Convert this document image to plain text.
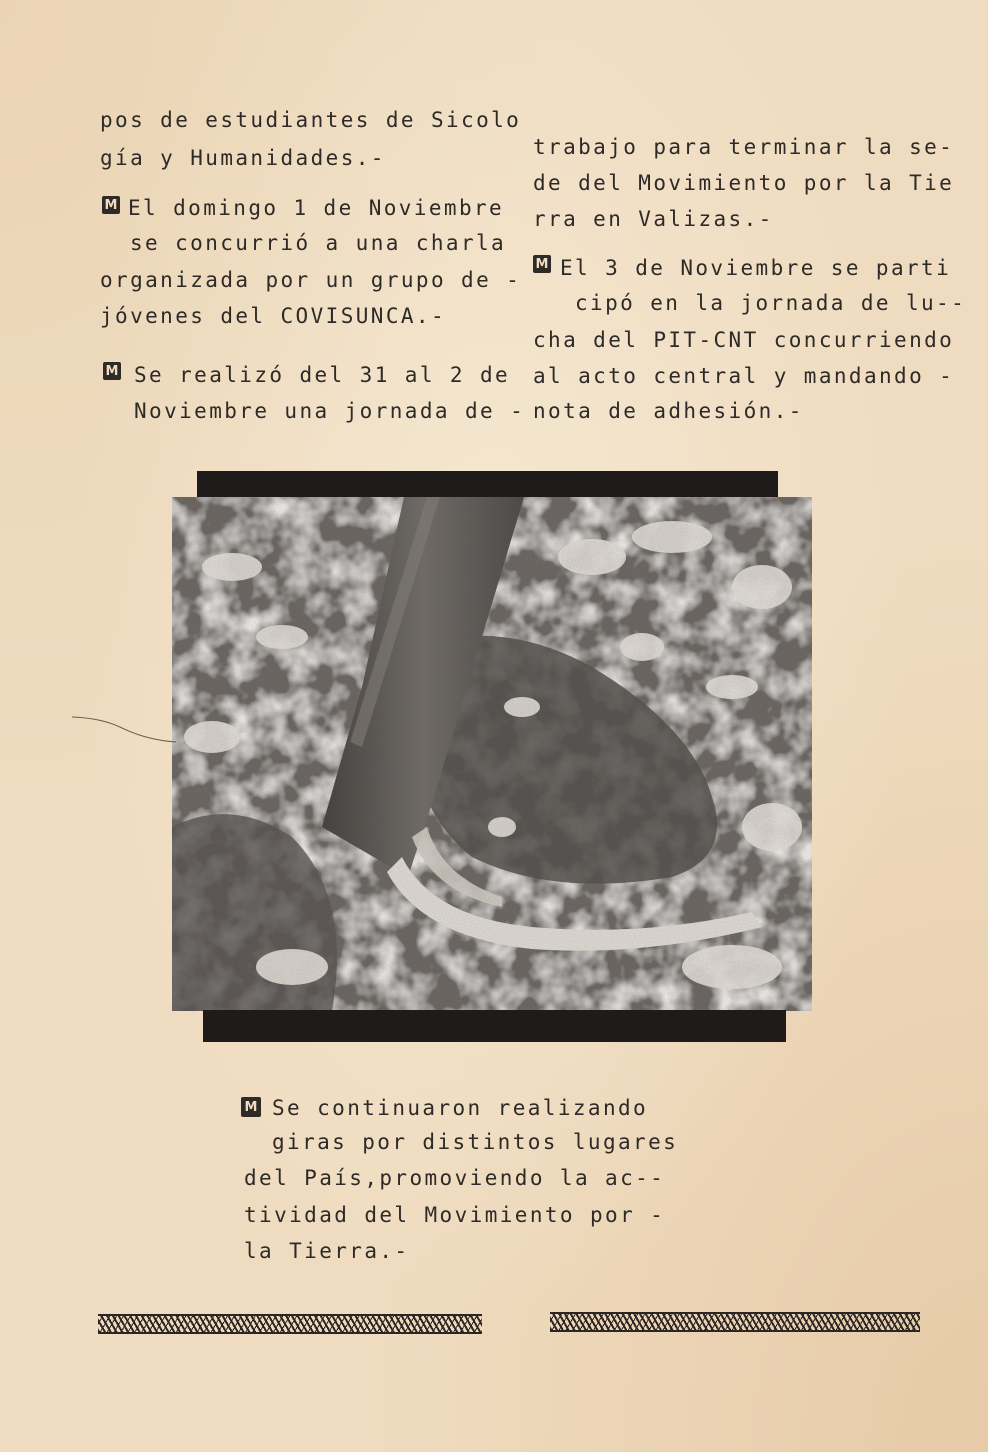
pos de estudiantes de Sicolo
gía y Humanidades.-
M El domingo 1 de Noviembre
se concurrió a una charla
organizada por un grupo de -
jóvenes del COVISUNCA.-
M Se realizó del 31 al 2 de
Noviembre una jornada de -
trabajo para terminar la se-
de del Movimiento por la Tie
rra en Valizas.-
M El 3 de Noviembre se parti
cipó en la jornada de lu--
cha del PIT-CNT concurriendo
al acto central y mandando -
nota de adhesión.-
M Se continuaron realizando
giras por distintos lugares
del País,promoviendo la ac--
tividad del Movimiento por -
la Tierra.-
